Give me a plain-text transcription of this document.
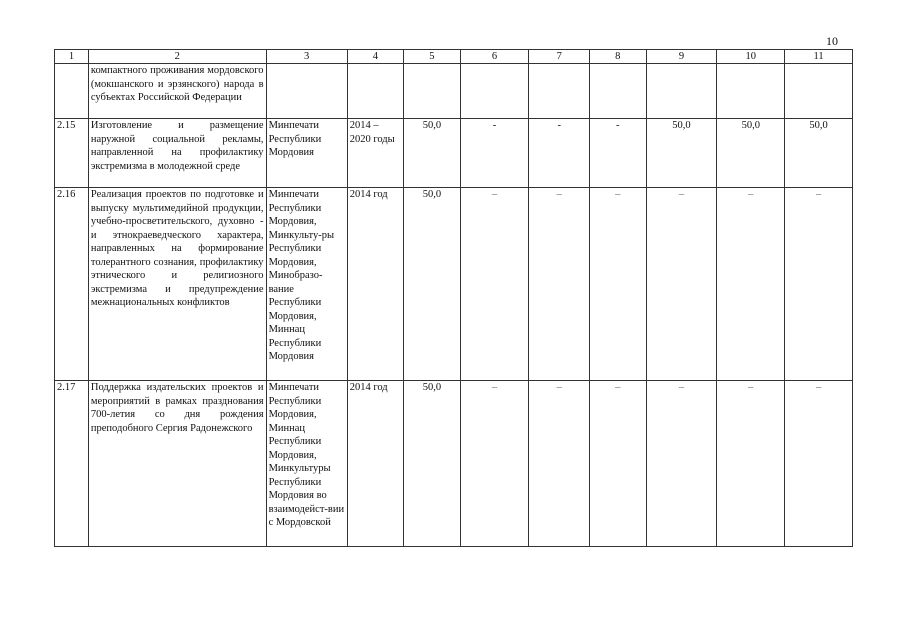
10
1	2	3	4	5	6	7	8	9	10	11
	компактного проживания мордовского (мокшанского и эрзянского) народа в субъектах Российской Федерации									
2.15	Изготовление и размещение наружной социальной рекламы, направленной на профилактику экстремизма в молодежной среде	Минпечати Республики Мордовия	2014 – 2020 годы	50,0	-	-	-	50,0	50,0	50,0
2.16	Реализация проектов по подготовке и выпуску мультимедийной продукции, учебно-просветительского, духовно - и этнокраеведческого характера, направленных на формирование толерантного сознания, профилактику этнического и религиозного экстремизма и предупреждение межнациональных конфликтов	Минпечати Республики Мордовия, Минкульту-ры Республики Мордовия, Минобразо-вание Республики Мордовия, Миннац Республики Мордовия	2014 год	50,0	–	–	–	–	–	–
2.17	Поддержка издательских проектов и мероприятий в рамках празднования 700-летия со дня рождения преподобного Сергия Радонежского	Минпечати Республики Мордовия, Миннац Республики Мордовия, Минкультуры Республики Мордовия во взаимодейст-вии с Мордовской	2014 год	50,0	–	–	–	–	–	–
